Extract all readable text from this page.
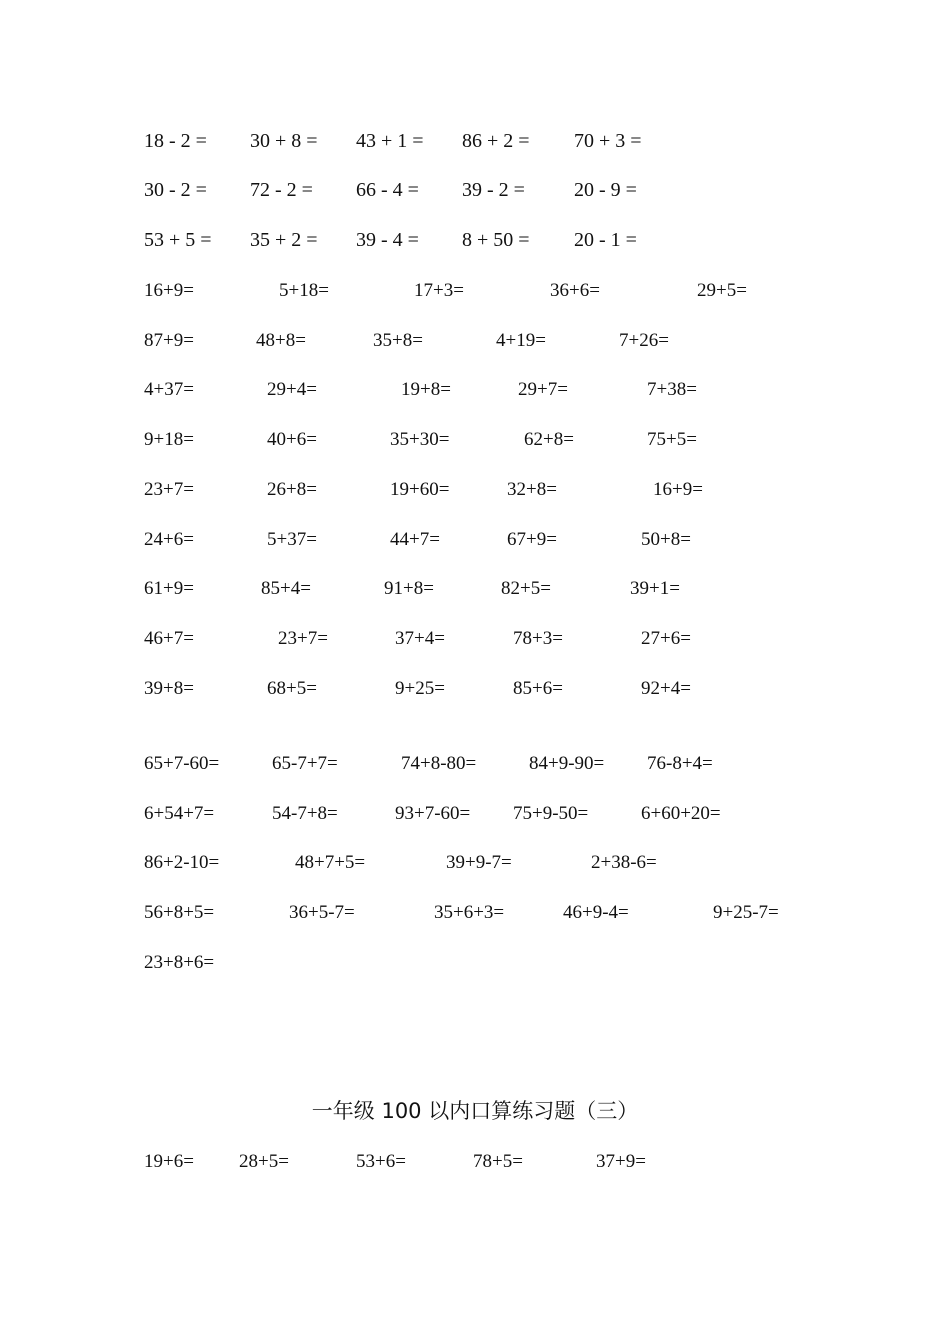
18 - 2 = 30 + 8 = 43 + 1 = 86 + 2 = 70 + 3 =
30 - 2 = 72 - 2 = 66 - 4 = 39 - 2 = 20 - 9 =
53 + 5 = 35 + 2 = 39 - 4 = 8 + 50 = 20 - 1 =
16+9=	5+18=	17+3=	36+6=	29+5=
87+9=	48+8=	35+8=	4+19=	7+26=
4+37=	29+4=	19+8=	29+7=	7+38=
9+18=	40+6=	35+30=	62+8=	75+5=
23+7=	26+8=	19+60=	32+8=	16+9=
24+6=	5+37=	44+7=	67+9=	50+8=
61+9=	85+4=	91+8=	82+5=	39+1=
46+7=	23+7=	37+4=	78+3=	27+6=
39+8=	68+5=	9+25=	85+6=	92+4=
65+7-60=	65-7+7=	74+8-80=	84+9-90= 76-8+4=
6+54+7=	54-7+8=	93+7-60= 75+9-50=	6+60+20=
86+2-10=	48+7+5=	39+9-7=	2+38-6=
56+8+5=	36+5-7=	35+6+3=	46+9-4=	9+25-7=
23+8+6=
一年级 100 以内口算练习题（三）
19+6= 28+5=	53+6=	78+5=	37+9=
